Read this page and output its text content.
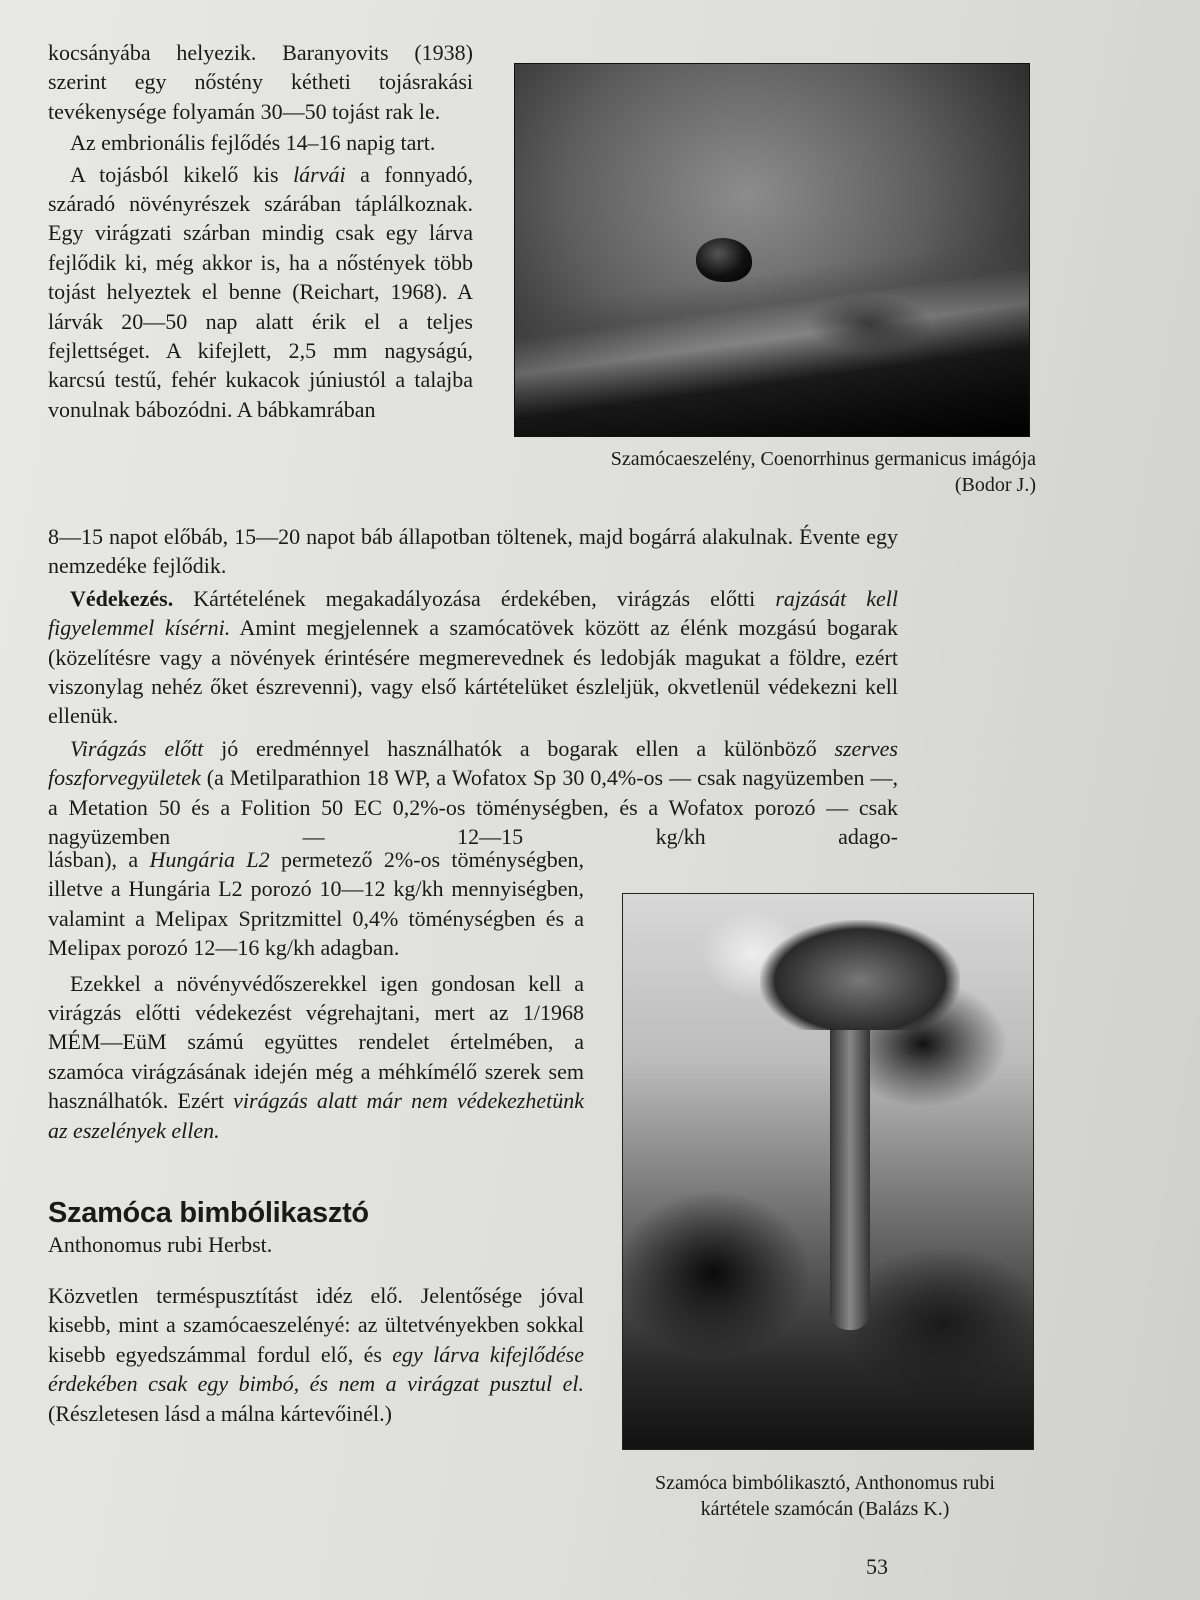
kocsányába helyezik. Baranyovits (1938) szerint egy nőstény kétheti tojásrakási tevékenysége folyamán 30—50 tojást rak le.

Az embrionális fejlődés 14–16 napig tart.

A tojásból kikelő kis lárvái a fonnyadó, száradó növényrészek szárában táplálkoznak. Egy virágzati szárban mindig csak egy lárva fejlődik ki, még akkor is, ha a nőstények több tojást helyeztek el benne (Reichart, 1968). A lárvák 20—50 nap alatt érik el a teljes fejlettséget. A kifejlett, 2,5 mm nagyságú, karcsú testű, fehér kukacok júniustól a talajba vonulnak bábozódni. A bábkamrában

Szamócaeszelény, Coenorrhinus germanicus imágója
(Bodor J.)

8—15 napot előbáb, 15—20 napot báb állapotban töltenek, majd bogárrá alakulnak. Évente egy nemzedéke fejlődik.

Védekezés. Kártételének megakadályozása érdekében, virágzás előtti rajzását kell figyelemmel kísérni. Amint megjelennek a szamócatövek között az élénk mozgású bogarak (közelítésre vagy a növények érintésére megmerevednek és ledobják magukat a földre, ezért viszonylag nehéz őket észrevenni), vagy első kártételüket észleljük, okvetlenül védekezni kell ellenük.

Virágzás előtt jó eredménnyel használhatók a bogarak ellen a különböző szerves foszforvegyületek (a Metilparathion 18 WP, a Wofatox Sp 30 0,4%-os — csak nagyüzemben —, a Metation 50 és a Folition 50 EC 0,2%-os töménységben, és a Wofatox porozó — csak nagyüzemben — 12—15 kg/kh adago-

lásban), a Hungária L2 permetező 2%-os töménységben, illetve a Hungária L2 porozó 10—12 kg/kh mennyiségben, valamint a Melipax Spritzmittel 0,4% töménységben és a Melipax porozó 12—16 kg/kh adagban.

Ezekkel a növényvédőszerekkel igen gondosan kell a virágzás előtti védekezést végrehajtani, mert az 1/1968 MÉM—EüM számú együttes rendelet értelmében, a szamóca virágzásának idején még a méhkímélő szerek sem használhatók. Ezért virágzás alatt már nem védekezhetünk az eszelények ellen.

Szamóca bimbólikasztó
Anthonomus rubi Herbst.

Közvetlen terméspusztítást idéz elő. Jelentősége jóval kisebb, mint a szamócaeszelényé: az ültetvényekben sokkal kisebb egyedszámmal fordul elő, és egy lárva kifejlődése érdekében csak egy bimbó, és nem a virágzat pusztul el. (Részletesen lásd a málna kártevőinél.)

Szamóca bimbólikasztó, Anthonomus rubi
kártétele szamócán (Balázs K.)
53
